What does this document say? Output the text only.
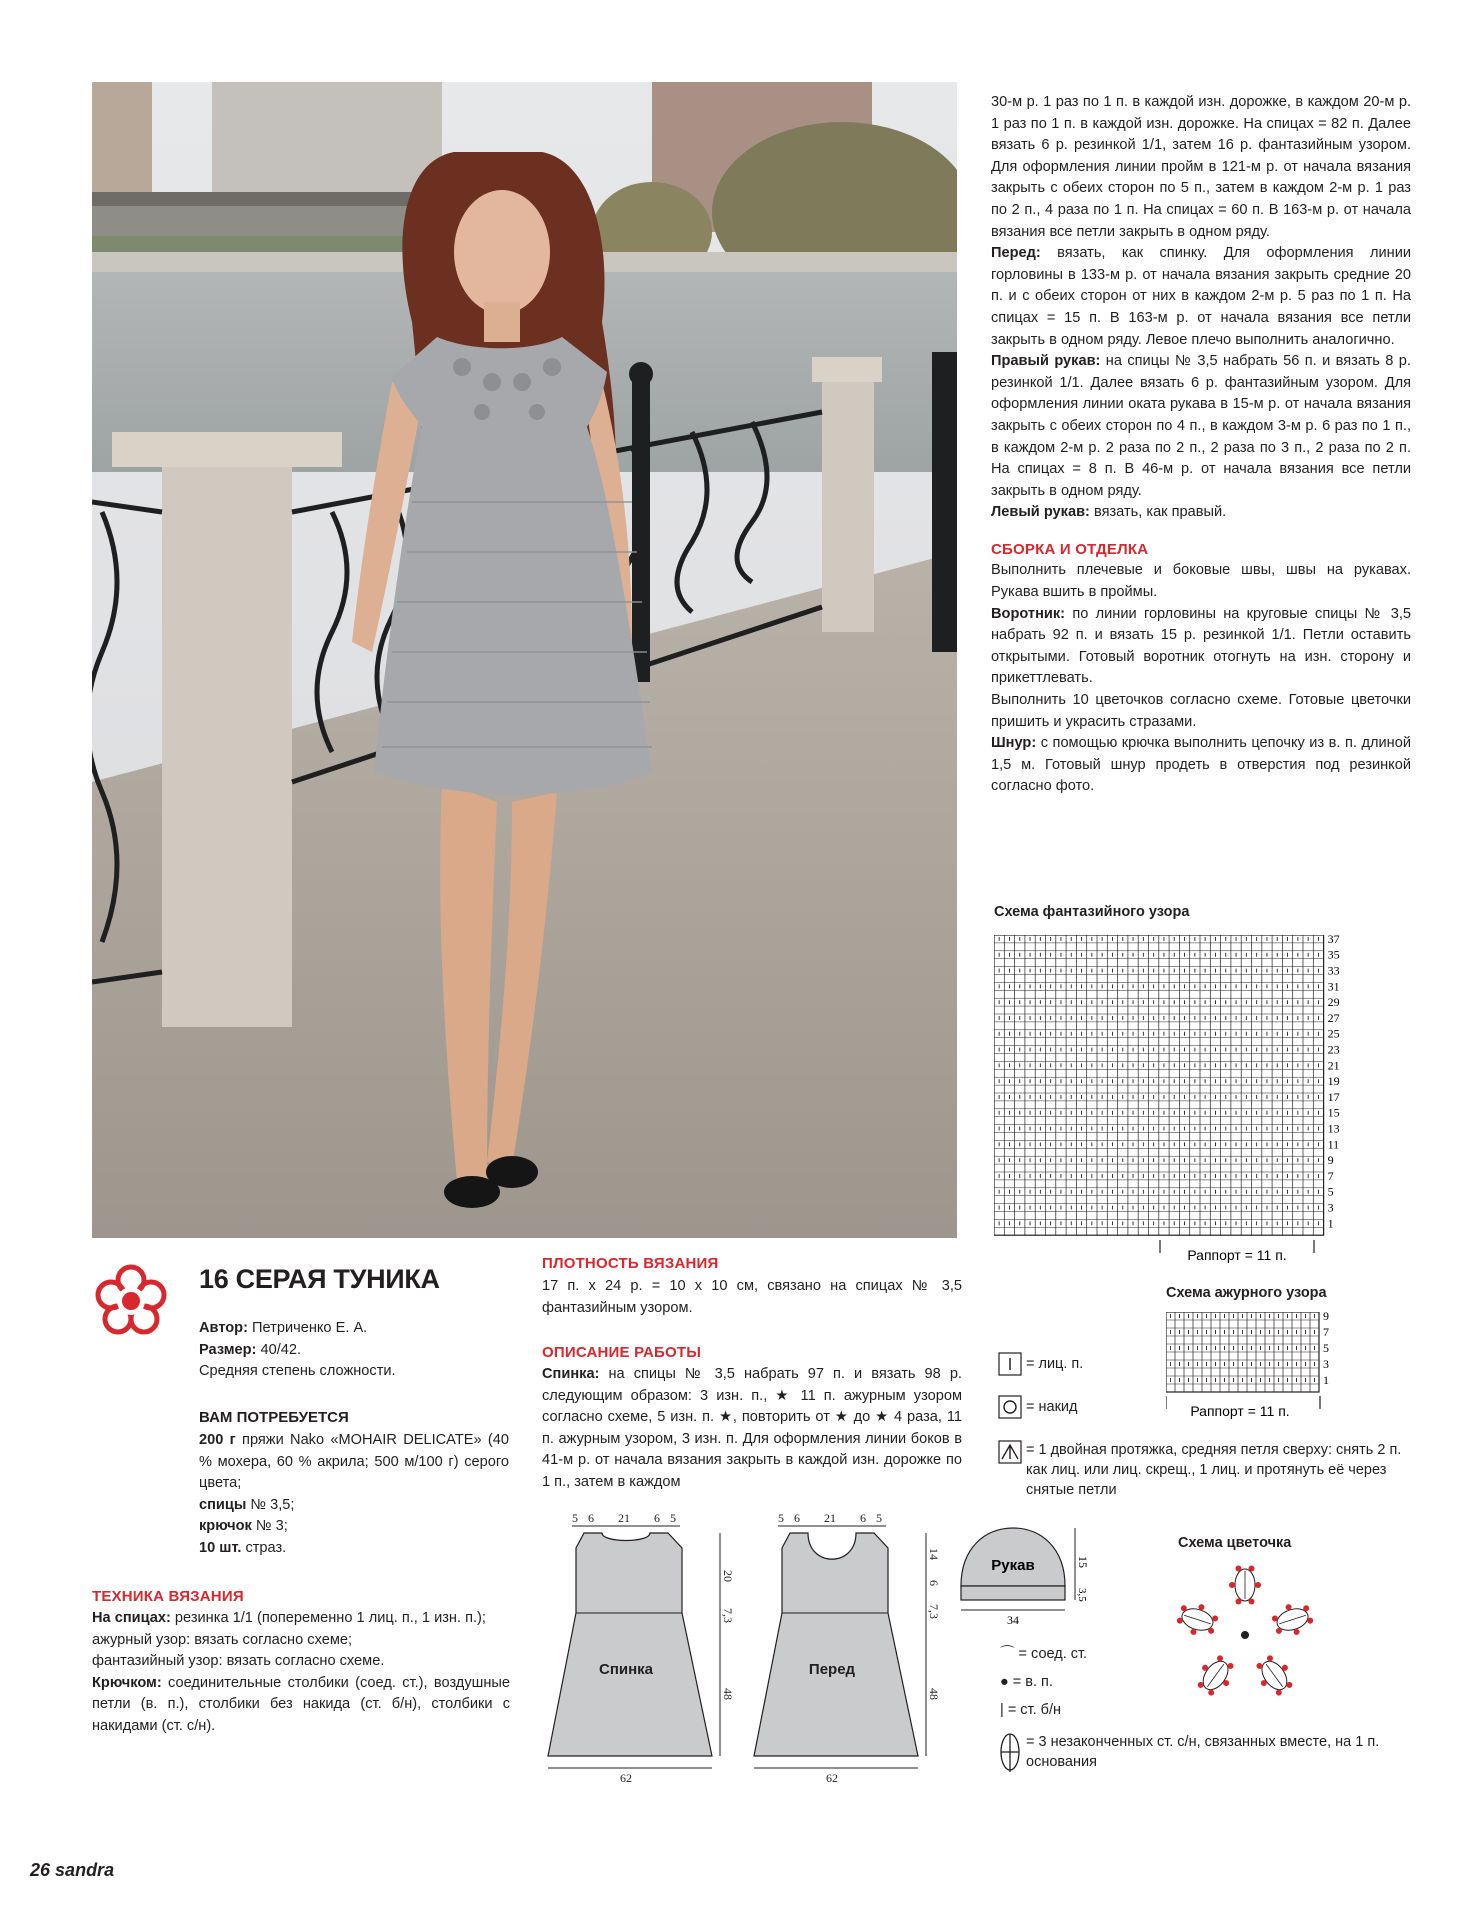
30-м р. 1 раз по 1 п. в каждой изн. дорожке, в каждом 20-м р. 1 раз по 1 п. в каждой изн. дорожке. На спицах = 82 п. Далее вязать 6 р. резинкой 1/1, затем 16 р. фантазийным узором. Для оформления линии пройм в 121-м р. от начала вязания закрыть с обеих сторон по 5 п., затем в каждом 2-м р. 1 раз по 2 п., 4 раза по 1 п. На спицах = 60 п. В 163-м р. от начала вязания все петли закрыть в одном ряду.

Перед: вязать, как спинку. Для оформления линии горловины в 133-м р. от начала вязания закрыть средние 20 п. и с обеих сторон от них в каждом 2-м р. 5 раз по 1 п. На спицах = 15 п. В 163-м р. от начала вязания все петли закрыть в одном ряду. Левое плечо выполнить аналогично.

Правый рукав: на спицы № 3,5 набрать 56 п. и вязать 8 р. резинкой 1/1. Далее вязать 6 р. фантазийным узором. Для оформления линии оката рукава в 15-м р. от начала вязания закрыть с обеих сторон по 4 п., в каждом 3-м р. 6 раз по 1 п., в каждом 2-м р. 2 раза по 2 п., 2 раза по 3 п., 2 раза по 2 п. На спицах = 8 п. В 46-м р. от начала вязания все петли закрыть в одном ряду.

Левый рукав: вязать, как правый.

СБОРКА И ОТДЕЛКА

Выполнить плечевые и боковые швы, швы на рукавах. Рукава вшить в проймы.

Воротник: по линии горловины на круговые спицы № 3,5 набрать 92 п. и вязать 15 р. резинкой 1/1. Петли оставить открытыми. Готовый воротник отогнуть на изн. сторону и прикеттлевать.

Выполнить 10 цветочков согласно схеме. Готовые цветочки пришить и украсить стразами.

Шнур: с помощью крючка выполнить цепочку из в. п. длиной 1,5 м. Готовый шнур продеть в отверстия под резинкой согласно фото.

Схема фантазийного узора
37
35
33
31
29
27
25
23
21
19
17
15
13
11
9
7
5
3
1
Раппорт = 11 п.
Схема ажурного узора
9
7
5
3
1
Раппорт = 11 п.
= лиц. п.
= накид
= 1 двойная протяжка, средняя петля сверху: снять 2 п. как лиц. или лиц. скрещ., 1 лиц. и протянуть её через снятые петли
16 СЕРАЯ ТУНИКА
Автор: Петриченко Е. А.
Размер: 40/42.
Средняя степень сложности.
ВАМ ПОТРЕБУЕТСЯ
200 г пряжи Nako «MOHAIR DELICATE» (40 % мохера, 60 % акрила; 500 м/100 г) серого цвета;
спицы № 3,5;
крючок № 3;
10 шт. страз.
ТЕХНИКА ВЯЗАНИЯ
На спицах: резинка 1/1 (попеременно 1 лиц. п., 1 изн. п.);
ажурный узор: вязать согласно схеме;
фантазийный узор: вязать согласно схеме.
Крючком: соединительные столбики (соед. ст.), воздушные петли (в. п.), столбики без накида (ст. б/н), столбики с накидами (ст. с/н).
ПЛОТНОСТЬ ВЯЗАНИЯ
17 п. х 24 р. = 10 х 10 см, связано на спицах № 3,5 фантазийным узором.
ОПИСАНИЕ РАБОТЫ
Спинка: на спицы № 3,5 набрать 97 п. и вязать 98 р. следующим образом: 3 изн. п., ★ 11 п. ажурным узором согласно схеме, 5 изн. п. ★, повторить от ★ до ★ 4 раза, 11 п. ажурным узором, 3 изн. п. Для оформления линии боков в 41-м р. от начала вязания закрыть в каждой изн. дорожке по 1 п., затем в каждом
5 6 21 6 5
Спинка
20
7,3
48
62
5 6 21 6 5
Перед
14
6
7,3
48
62
Рукав	15
3,5
34
Схема цветочка
⌒ = соед. ст.
● = в. п.
| = ст. б/н
= 3 незаконченных ст. с/н, связанных вместе, на 1 п. основания
26 sandra
